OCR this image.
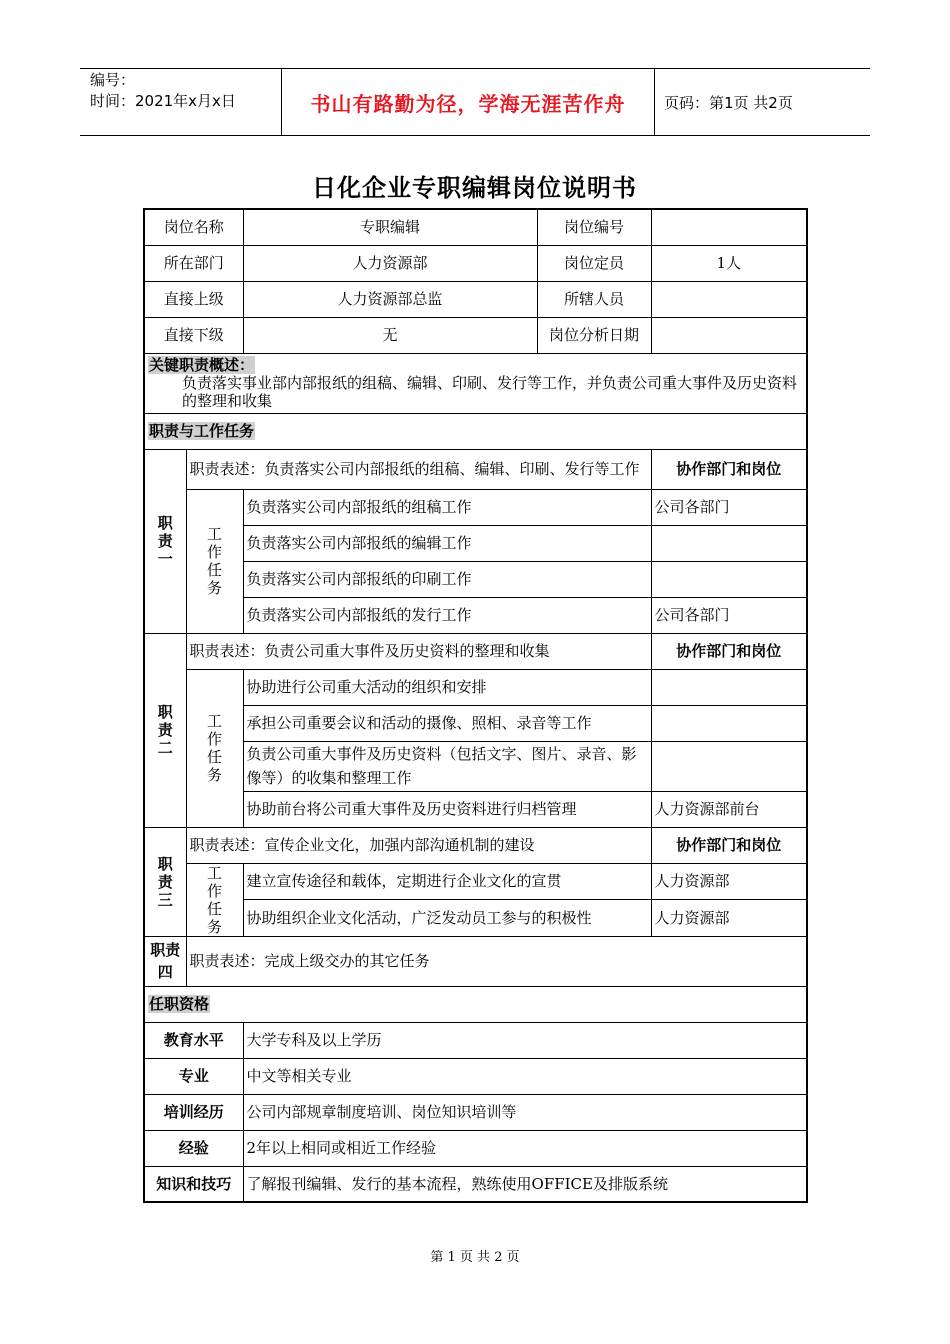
编号：
时间：2021年x月x日	书山有路勤为径，学海无涯苦作舟	页码：第1页 共2页
日化企业专职编辑岗位说明书
岗位名称		专职编辑	岗位编号	
所在部门		人力资源部	岗位定员	1人
直接上级		人力资源部总监	所辖人员	
直接下级		无	岗位分析日期	

关键职责概述：
负责落实事业部内部报纸的组稿、编辑、印刷、发行等工作，并负责公司重大事件及历史资料的整理和收集				

职责与工作任务				
职
责
一	职责表述：负责落实公司内部报纸的组稿、编辑、印刷、发行等工作			协作部门和岗位
	工
作
任
务	负责落实公司内部报纸的组稿工作		公司各部门
		负责落实公司内部报纸的编辑工作		
		负责落实公司内部报纸的印刷工作		
		负责落实公司内部报纸的发行工作		公司各部门
职
责
二	职责表述：负责公司重大事件及历史资料的整理和收集			协作部门和岗位
	工
作
任
务	协助进行公司重大活动的组织和安排		
		承担公司重要会议和活动的摄像、照相、录音等工作		
		负责公司重大事件及历史资料（包括文字、图片、录音、影像等）的收集和整理工作		
		协助前台将公司重大事件及历史资料进行归档管理		人力资源部前台
职
责
三	职责表述：宣传企业文化，加强内部沟通机制的建设			协作部门和岗位
	工
作
任
务	建立宣传途径和载体，定期进行企业文化的宣贯		人力资源部
		协助组织企业文化活动，广泛发动员工参与的积极性		人力资源部
职责
四	职责表述：完成上级交办的其它任务			
任职资格				
教育水平		大学专科及以上学历		
专业		中文等相关专业		
培训经历		公司内部规章制度培训、岗位知识培训等		
经验		2年以上相同或相近工作经验		
知识和技巧		了解报刊编辑、发行的基本流程，熟练使用OFFICE及排版系统		
第 1 页 共 2 页
